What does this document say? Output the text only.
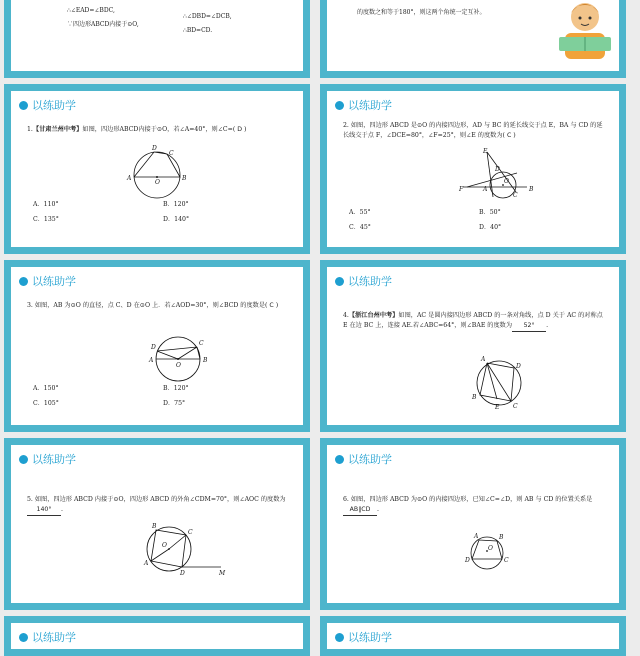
∴∠EAD=∠BDC,
∵四边形ABCD内接于⊙O,
∴∠DBD=∠DCB,
∴BD=CD.
的度数之和等于180°，则这两个角统一定互补。
以练助学
1.【甘肃兰州中考】如图，四边形ABCD内接于⊙O，若∠A=40°，则∠C=( D )
D
C
A
O
B
A．110°	B．120°
C．135°	D．140°
以练助学
2. 如图，四边形 ABCD 是⊙O 的内接四边形，AD 与 BC 的延长线交于点 E，BA 与 CD 的延长线交于点 F，∠DCE=80°，∠F=25°，则∠E 的度数为( C )
E
D
F	A
O
B
C
A．55°	B．50°
C．45°	D．40°
以练助学
3. 如图，AB 为⊙O 的直径，点 C、D 在⊙O 上．若∠AOD=30°，则∠BCD 的度数是( C )
D
C
A
O
B
A．150°	B．120°
C．105°	D．75°
以练助学
4.【浙江台州中考】如图，AC 是圆内接四边形 ABCD 的一条对角线，点 D 关于 AC 的对称点 E 在边 BC 上，连接 AE.若∠ABC=64°，则∠BAE 的度数为 52° .
A
D
E
B
C
以练助学
5. 如图，四边形 ABCD 内接于⊙O，四边形 ABCD 的外角∠CDM=70°，则∠AOC 的度数为140° .
B
C
A
D	M
O
以练助学
6. 如图，四边形 ABCD 为⊙O 的内接四边形，已知∠C=∠D，则 AB 与 CD 的位置关系是AB∥CD .
A	B
O
D	C
以练助学	以练助学
